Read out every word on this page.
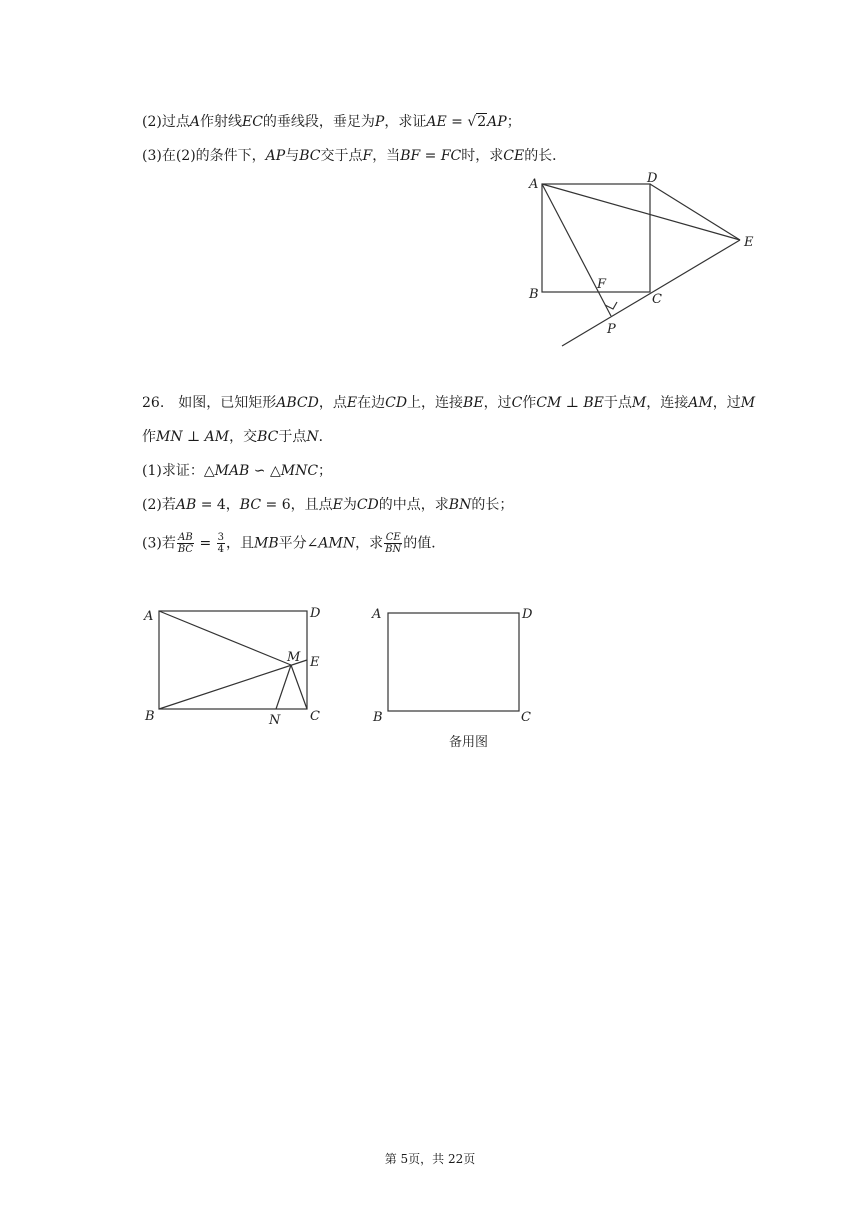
(2)过点A作射线EC的垂线段，垂足为P，求证AE = √2AP；
(3)在(2)的条件下，AP与BC交于点F，当BF = FC时，求CE的长．
A	D
E
B	C
F
P
26.　如图，已知矩形ABCD，点E在边CD上，连接BE，过C作CM ⊥ BE于点M，连接AM，过M
作MN ⊥ AM，交BC于点N．
(1)求证：△MAB ∽ △MNC；
(2)若AB = 4，BC = 6，且点E为CD的中点，求BN的长；
(3)若 $\frac{AB}{BC} = \frac{3}{4}$ ，且MB平分∠AMN，求 $\frac{CE}{BN}$ 的值．
A	D
M E
B	N C
A	D
B	C
备用图
第 5页，共 22页
